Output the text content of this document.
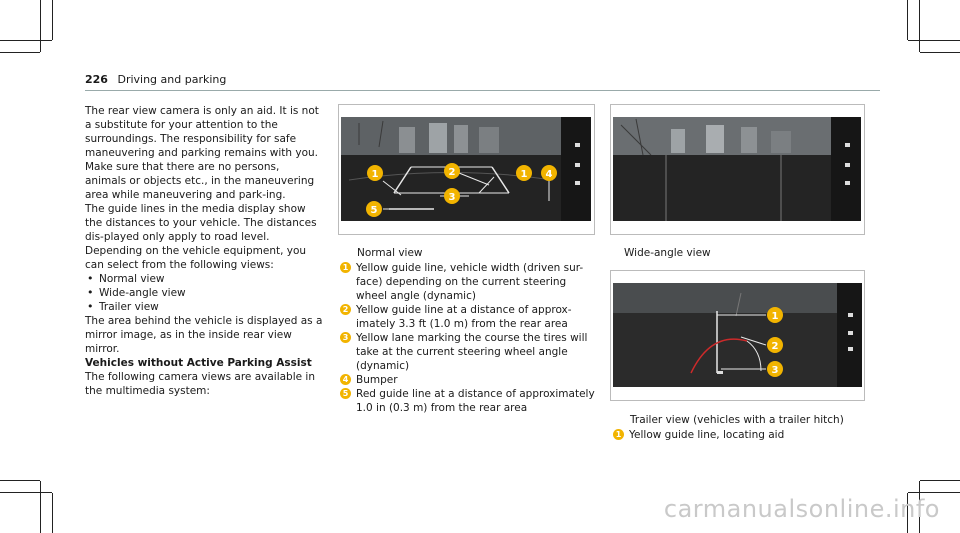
226 Driving and parking

The rear view camera is only an aid. It is not a substitute for your attention to the surroundings. The responsibility for safe maneuvering and parking remains with you. Make sure that there are no persons, animals or objects etc., in the maneuvering area while maneuvering and park-ing.

The guide lines in the media display show the distances to your vehicle. The distances dis-played only apply to road level.

Depending on the vehicle equipment, you can select from the following views:

• Normal view

• Wide-angle view

• Trailer view

The area behind the vehicle is displayed as a mirror image, as in the inside rear view mirror.

Vehicles without Active Parking Assist

The following camera views are available in the multimedia system:

1	2	1 4
3
5
Normal view

1 Yellow guide line, vehicle width (driven sur-face) depending on the current steering wheel angle (dynamic)

2 Yellow guide line at a distance of approx-imately 3.3 ft (1.0 m) from the rear area

3 Yellow lane marking the course the tires will take at the current steering wheel angle (dynamic)

4 Bumper

5 Red guide line at a distance of approximately 1.0 in (0.3 m) from the rear area

Wide-angle view
1
2
3
Trailer view (vehicles with a trailer hitch)

1 Yellow guide line, locating aid

carmanualsonline.info
